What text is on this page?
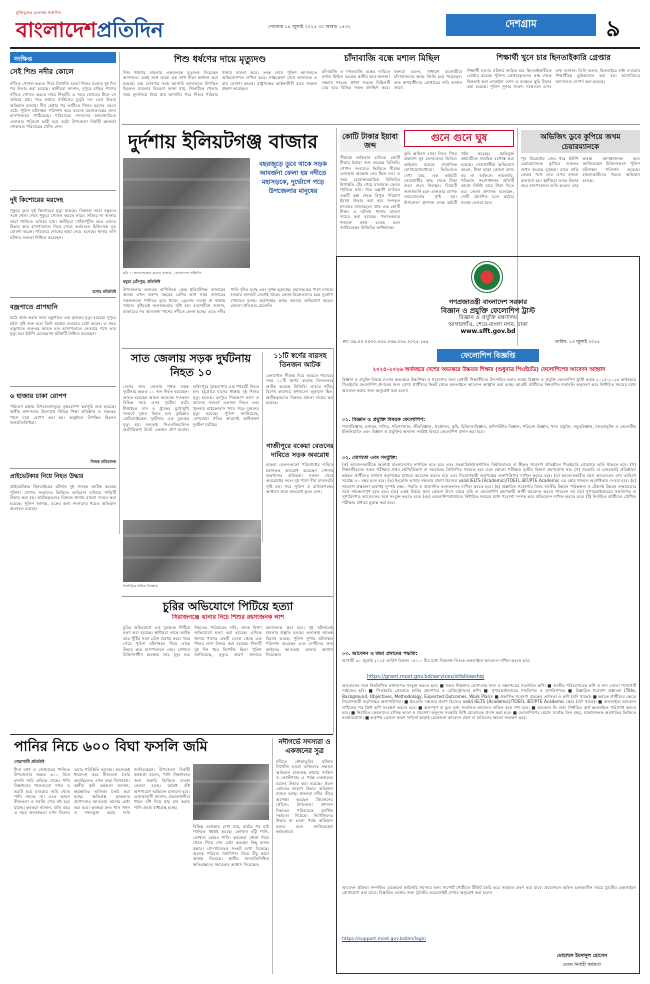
মুক্তিযুদ্ধের চেতনায় প্রকাশিত
বাংলাদেশপ্রতিদিন	সোমবার ১৪ জুলাই ২০২৫ ৩০ আষাঢ় ১৪৩২	দেশগ্রাম	৯
সংক্ষিপ্ত
সেই শিশু নদীর কোলে
নদীতে গোসল করতে গিয়ে নিখোঁজ হওয়া শিশুর মরদেহ দুই দিন পর উদ্ধার করা হয়েছে। স্থানীয়রা জানান, দুপুরে বাড়ির পাশের নদীতে গোসল করতে নামে শিশুটি। এ সময় স্রোতের টানে সে তলিয়ে যায়। পরে ফায়ার সার্ভিসের ডুবুরি দল এসে উদ্ধার অভিযান চালায়। দীর্ঘ চেষ্টার পর ভাটিতে শিশুর মরদেহ ভেসে ওঠে। পুলিশ ঘটনাস্থল পরিদর্শন করে মরদেহ ময়নাতদন্তের জন্য হাসপাতালে পাঠিয়েছে। পরিবারের সদস্যদের আহাজারিতে এলাকার পরিবেশ ভারী হয়ে ওঠে। উপজেলা নির্বাহী কর্মকর্তা শোকাহত পরিবারের খোঁজ নেন।
দুই কিশোরের মরদেহ
পুকুরে ডুবে দুই কিশোরের মৃত্যু হয়েছে। বিকালে তারা বন্ধুদের সঙ্গে খেলা শেষে পুকুরে গোসল করতে নামে। সাঁতার না জানায় তারা পানিতে তলিয়ে যায়। স্থানীয়রা খোঁজাখুঁজি করে তাদের উদ্ধার করে হাসপাতালে নিয়ে গেলে কর্তব্যরত চিকিৎসক মৃত ঘোষণা করেন। পরিবারে শোকের ছায়া নেমে এসেছে। থানার ওসি ঘটনার সত্যতা নিশ্চিত করেছেন।
যশোর প্রতিনিধি
বজ্রপাতে প্রাণহানি
মাঠে কাজ করার সময় বজ্রপাতে এক কৃষকের মৃত্যু হয়েছে। দুপুরে হঠাৎ বৃষ্টি শুরু হলে তিনি আশ্রয় নেওয়ার চেষ্টা করেন। এ সময় বজ্রপাতে গুরুতর আহত হন। হাসপাতালে নেওয়ার পথে তার মৃত্যু হয়। ইউপি চেয়ারম্যান ঘটনাটি নিশ্চিত করেছেন।
৬ হাজার চাকা রোপণ
পরিবেশ রক্ষায় উপজেলাজুড়ে বৃক্ষরোপণ কর্মসূচি শুরু হয়েছে। স্থানীয় প্রশাসনের উদ্যোগে বিভিন্ন শিক্ষা প্রতিষ্ঠান ও সড়কের পাশে চারা রোপণ করা হয়। অনুষ্ঠানে উপস্থিত ছিলেন জনপ্রতিনিধিরা।
নিজস্ব প্রতিবেদক
প্রাইভেটকার নিয়ে নিহত উদ্ধার
প্রাইভেটকার ছিনতাইয়ের ঘটনায় দুই জনকে আটক করেছে পুলিশ। গোপন সংবাদের ভিত্তিতে অভিযান চালিয়ে গাড়িটি উদ্ধার করা হয়। আটককৃতদের বিরুদ্ধে থানায় মামলা দায়ের করা হয়েছে। পুলিশ জানায়, চক্রের অন্য সদস্যদের ধরতে অভিযান অব্যাহত রয়েছে।
শিশু ধর্ষণের দায়ে মৃত্যুদণ্ড
শিশু ধর্ষণের মামলায় একজনকে মৃত্যুদণ্ড দিয়েছেন আদালত। একই সঙ্গে তাকে এক লাখ টাকা অর্থদণ্ড করা হয়েছে। রায় ঘোষণার সময় আসামি আদালতে উপস্থিত ছিলেন। মামলার বিবরণে জানা যায়, শিশুটিকে খেলার সময় ফুসলিয়ে নিয়ে যায় আসামি। পরে শিশুর পরিবার থানায় মামলা করে। তদন্ত শেষে পুলিশ আদালতে অভিযোগপত্র দাখিল করে। সাক্ষ্যগ্রহণ শেষে আদালত এ রায় ঘোষণা করেন। রাষ্ট্রপক্ষের আইনজীবী রায়ে সন্তোষ প্রকাশ করেছেন।
চাঁদাবাজি বন্ধে মশাল মিছিল
চাঁদাবাজি ও দখলবাজি বন্ধের দাবিতে মশাল মিছিল করেছে স্থানীয় ছাত্র-জনতা। সন্ধ্যায় শহরের প্রধান সড়কে মিছিলটি বের হয়ে বিভিন্ন সড়ক প্রদক্ষিণ করে। বক্তারা বলেন, সাধারণ ব্যবসায়ীরা চাঁদাবাজদের কাছে জিম্মি হয়ে পড়েছেন। দ্রুত অপরাধীদের গ্রেপ্তারের দাবি জানান তারা।
শিক্ষার্থী খুনে চার ছিনতাইকারি গ্রেপ্তার
শিক্ষার্থী হত্যার ঘটনায় জড়িত চার ছিনতাইকারীকে গ্রেপ্তার করেছে পুলিশ। গ্রেপ্তারকৃতদের কাছ থেকে ছিনতাই করা মোবাইল ফোন ও ব্যবহৃত ছুরি উদ্ধার করা হয়েছে। পুলিশ সুপার সংবাদ সম্মেলনে এসব তথ্য জানান। তিনি বলেন, ছিনতাইয়ে বাধা দেওয়ায় শিক্ষার্থীকে ছুরিকাঘাত করা হয়। আসামিদের আদালতে সোপর্দ করা হয়েছে।
দুর্দশায় ইলিয়টগঞ্জ বাজার
বছরজুড়ে ডুবে থাকে সড়ক আবর্জনা ফেলা হয় নদীতে মহাসড়কে, দুর্ভোগে পড়ে উপজেলার মানুষের
ছবি ১: জলাবদ্ধতার কবলে বাজার - বাংলাদেশ প্রতিদিন
কচুয়া (চাঁদপুর) প্রতিনিধি
উপজেলার অন্যতম বাণিজ্যিক কেন্দ্র ইলিয়টগঞ্জ বাজারের অবস্থা এখন করুণ। বছরের বেশির ভাগ সময় বাজারের সড়কগুলো পানিতে ডুবে থাকে। ড্রেনেজ ব্যবস্থা না থাকায় সামান্য বৃষ্টিতেই জলাবদ্ধতার সৃষ্টি হয়। ব্যবসায়ীরা জানান, বাজারের সব আবর্জনা পাশের নদীতে ফেলা হচ্ছে। এতে নদীর পানি দূষিত হচ্ছে এবং দুর্গন্ধ ছড়াচ্ছে। মহাসড়কের পাশে বাজার হওয়ায় যানজট লেগেই থাকে। ক্রেতা-বিক্রেতাদের চরম দুর্ভোগ পোহাতে হচ্ছে। কর্তৃপক্ষের কাছে বারবার অভিযোগ করেও কোনো প্রতিকার মেলেনি।
কোটি টাকার ইয়াবা জব্দ
সীমান্তে অভিযান চালিয়ে কোটি টাকার ইয়াবা জব্দ করেছে বিজিবি। গোপন সংবাদের ভিত্তিতে সীমান্ত এলাকায় অবস্থান নেয় টহল দল। এ সময় চোরাকারবারিরা বিজিবির উপস্থিতি টের পেয়ে মালামাল ফেলে পালিয়ে যায়। পরে তল্লাশি চালিয়ে একটি বস্তা থেকে বিপুল পরিমাণ ইয়াবা উদ্ধার করা হয়। জব্দকৃত মাদকের বাজারমূল্য প্রায় এক কোটি টাকা। এ ঘটনায় থানায় মামলা দায়ের করা হয়েছে। পলাতকদের শনাক্তে কাজ চলছে বলে জানিয়েছেন বিজিবির অধিনায়ক।
গুনে গুনে ঘুষ
ভূমি অফিসে সেবা নিতে গিয়ে প্রকাশ্যে ঘুষ লেনদেনের ভিডিও ভাইরাল হয়েছে সামাজিক যোগাযোগমাধ্যমে। ভিডিওতে দেখা যায়, এক কর্মচারী সেবাপ্রার্থীর কাছ থেকে টাকা গুনে গুনে নিচ্ছেন। বিষয়টি জানাজানি হলে এলাকায় ব্যাপক সমালোচনার সৃষ্টি হয়। উপজেলা প্রশাসন তদন্ত কমিটি গঠন করেছে। অভিযুক্ত কর্মচারীকে সাময়িক বরখাস্ত করা হয়েছে। সেবাপ্রার্থীরা অভিযোগ করেন, টাকা ছাড়া কোনো কাজ হয় না অফিসে। নামজারি, খতিয়ান সংশোধনসহ প্রতিটি কাজে নির্দিষ্ট হারে টাকা দিতে হয়। জেলা প্রশাসক বলেছেন, দোষী প্রমাণিত হলে কঠোর ব্যবস্থা নেওয়া হবে।
অভিজিৎ ডুবে কুপিয়ে জখম চেয়ারম্যানকে
পূর্ব বিরোধের জের ধরে ইউপি চেয়ারম্যানকে কুপিয়ে গুরুতর জখম করেছে দুর্বৃত্তরা। রাতে বাড়ি ফেরার পথে তার ওপর হামলা চালানো হয়। স্থানীয়রা তাকে উদ্ধার করে হাসপাতালে ভর্তি করেন। তার অবস্থা আশঙ্কাজনক বলে জানিয়েছেন চিকিৎসকরা। পুলিশ ঘটনাস্থল পরিদর্শন করেছে। হামলাকারীদের ধরতে অভিযান চলছে।
গণপ্রজাতন্ত্রী বাংলাদেশ সরকার
বিজ্ঞান ও প্রযুক্তি ফেলোশিপ ট্রাস্ট
বিজ্ঞান ও প্রযুক্তি মন্ত্রণালয়
আগারগাঁও, শেরে-বাংলা নগর, ঢাকা
www.sfft.gov.bd
নং: ৩৯.০০.০০০০.০০৫.০৩৯.০০৫.২০২৫.২৪৪	তারিখ: ১৩ জুলাই ২০২৫
ফেলোশিপ বিজ্ঞপ্তি
২০২৫-২০২৬ অর্থবছরে দেশের অভ্যন্তরে উচ্চতর শিক্ষার (শুধুমাত্র পিএইচডি) ফেলোশিপের আবেদন আহ্বান
বিজ্ঞান ও প্রযুক্তি বিষয়ে দেশের অভ্যন্তরে উচ্চশিক্ষা ও গবেষণার জন্য মেধাবী শিক্ষার্থীদের উৎসাহিত করার লক্ষ্যে বিজ্ঞান ও প্রযুক্তি ফেলোশিপ ট্রাস্ট কর্তৃক ২০২৫-২০২৬ অর্থবছরে পিএইচডি ফেলোশিপ প্রদানের জন্য যোগ্য প্রার্থীদের নিকট থেকে অনলাইনে আবেদন আহ্বান করা হচ্ছে। আগ্রহী প্রার্থীদের নিম্নবর্ণিত শর্তাবলি অনুসরণ করে নির্ধারিত সময়ের মধ্যে আবেদন করার জন্য অনুরোধ করা হলো।
০১. বিজ্ঞান ও প্রযুক্তি বিষয়ক ফেলোশিপ:
পদার্থবিজ্ঞান, রসায়ন, গণিত, পরিসংখ্যান, জীববিজ্ঞান, প্রকৌশল, কৃষি, চিকিৎসাবিজ্ঞান, কম্পিউটার বিজ্ঞান, পরিবেশ বিজ্ঞান, খাদ্য প্রযুক্তি, সমুদ্রবিজ্ঞান, জৈবপ্রযুক্তি ও জেনেটিক ইঞ্জিনিয়ারিং এবং বিজ্ঞান ও প্রযুক্তির অন্যান্য সংশ্লিষ্ট বিষয়ে ফেলোশিপ প্রদান করা হবে।
০২. যোগ্যতা এবং সংযুক্তি:
(ক) আবেদনকারীকে অবশ্যই বাংলাদেশের নাগরিক হতে হবে এবং সরকারি/স্বায়ত্তশাসিত বিশ্ববিদ্যালয় বা স্বীকৃত গবেষণা প্রতিষ্ঠানে পিএইচডি প্রোগ্রামে ভর্তি থাকতে হবে। (খ) শিক্ষাজীবনের সকল পরীক্ষায় প্রথম শ্রেণি/বিভাগ বা সমমানের সিজিপিএ থাকতে হবে এবং কোনো পরীক্ষায় তৃতীয় বিভাগ গ্রহণযোগ্য নয়। (গ) সরকারি বা বেসরকারি প্রতিষ্ঠানে কর্মরত প্রার্থীদের যথাযথ কর্তৃপক্ষের মাধ্যমে আবেদন করতে হবে এবং নিয়োগকারী কর্তৃপক্ষের অনাপত্তিপত্র দাখিল করতে হবে। (ঘ) আবেদনকারীর বয়স আবেদনের শেষ তারিখে সর্বোচ্চ ৪০ বছর হতে হবে। (ঙ) ইংরেজি ভাষায় দক্ষতার প্রমাণ হিসেবে valid IELTS (Academic)/TOEFL iBT/PTE Academic এর স্কোর থাকলে অগ্রাধিকার দেওয়া হবে। (চ) গবেষণা প্রস্তাবনা অবশ্যই সুস্পষ্ট লক্ষ্য, পদ্ধতি ও প্রত্যাশিত ফলাফলসহ দাখিল করতে হবে। (ছ) প্রস্তাবিত গবেষণার বিষয় জাতীয় উন্নয়ন পরিকল্পনা ও টেকসই উন্নয়ন লক্ষ্যমাত্রার সঙ্গে সামঞ্জস্যপূর্ণ হতে হবে। (জ) একই বিষয়ে অন্য কোনো উৎস থেকে বৃত্তি বা ফেলোশিপ গ্রহণকারী প্রার্থী আবেদন করতে পারবেন না। (ঝ) সুপারভাইজারের সম্মতিপত্র ও সুপারিশপত্র আবেদনের সঙ্গে সংযুক্ত করতে হবে। (ঞ) ফেলোশিপপ্রাপ্তদের নির্ধারিত সময়ের মধ্যে গবেষণা সম্পন্ন করে প্রতিবেদন দাখিল করতে হবে। (ট) নির্বাচিত প্রার্থীদের মৌখিক পরীক্ষার মাধ্যমে চূড়ান্ত করা হবে।
০৩. আবেদন ও জমা প্রদানের পদ্ধতি:
আগামী ৩১ জুলাই ২০২৫ তারিখ বিকাল ০৫:০০ টার মধ্যে নিম্নোক্ত লিংকে অনলাইনে আবেদন দাখিল করতে হবে:
https://grant.most.gov.bd/services/stfellowship
আবেদনের সঙ্গে নিম্নলিখিত কাগজপত্র সংযুক্ত করতে হবে: ■ সকল শিক্ষাগত যোগ্যতার সনদ ও নম্বরপত্রের সত্যায়িত কপি। ■ জাতীয় পরিচয়পত্রের কপি ও সদ্য তোলা পাসপোর্ট সাইজের ছবি। ■ পিএইচডি প্রোগ্রামে ভর্তির প্রমাণপত্র ও রেজিস্ট্রেশনের কপি। ■ সুপারভাইজারের সম্মতিপত্র ও সুপারিশপত্র। ■ বিস্তারিত গবেষণা প্রস্তাবনা (Title, Background, Objectives, Methodology, Expected Outcomes, Work Plan)। ■ প্রকাশিত গবেষণা প্রবন্ধের তালিকা ও কপি (যদি থাকে)। ■ কর্মরত প্রার্থীদের ক্ষেত্রে নিয়োগকারী কর্তৃপক্ষের অনাপত্তিপত্র। ■ ইংরেজি দক্ষতার প্রমাণ হিসেবে valid IELTS (Academic)/TOEFL iBT/PTE Academic স্কোর (যদি থাকে)। ■ অনলাইনে আবেদন দাখিলের পর প্রিন্ট কপি সংরক্ষণ করতে হবে। ■ অসম্পূর্ণ বা ভুল তথ্য সংবলিত আবেদন বাতিল বলে গণ্য হবে। ■ আবেদন ফি বাবদ নির্ধারিত অর্থ অনলাইনে পরিশোধ করতে হবে। ■ নির্বাচিত ফেলোদের মাসিক ভাতা ও গবেষণা অনুদান সরকারি বিধি মোতাবেক প্রদান করা হবে। ■ ফেলোশিপের মেয়াদ সর্বোচ্চ তিন বছর, সন্তোষজনক অগ্রগতির ভিত্তিতে নবায়নযোগ্য। ■ কর্তৃপক্ষ কোনো কারণ দর্শানো ছাড়াই যেকোনো আবেদন গ্রহণ বা বাতিলের ক্ষমতা সংরক্ষণ করে।
আবেদন প্রক্রিয়া সম্পর্কিত যেকোনো কারিগরি সমস্যার জন্য সাপোর্ট পোর্টালে টিকিট তৈরি করে সহায়তা গ্রহণ করা যাবে। প্রয়োজনে অফিস চলাকালীন সময়ে ট্রাস্টের হেল্পলাইনে যোগাযোগ করা যাবে। বিস্তারিত তথ্যের জন্য ট্রাস্টের ওয়েবসাইট দেখার অনুরোধ করা হলো।
https://support.most.gov.bd/en/login
মোহাম্মদ ইমদাদুল হোসেন
প্রধান নির্বাহী কর্মকর্তা
সাত জেলায় সড়ক দুর্ঘটনায় নিহত ১০
দেশের সাত জেলায় পৃথক সড়ক দুর্ঘটনায় অন্তত ১০ জন নিহত হয়েছেন। আহত হয়েছেন আরও অনেকে। গতকাল বিভিন্ন সময় এসব দুর্ঘটনা ঘটে। টাঙ্গাইলে বাস ও ট্রাকের মুখোমুখি সংঘর্ষে দুজন নিহত হন। কুমিল্লায় মোটরসাইকেল দুর্ঘটনায় এক যুবকের মৃত্যু হয়। বগুড়ায় সিএনজিচালিত অটোরিকশা উল্টে একজন প্রাণ হারান। ফরিদপুরে ট্রাকচাপায় এক পথচারী নিহত হন। চট্টগ্রামে বাসের ধাক্কায় দুই শিশুর মৃত্যু হয়েছে। রংপুরে পিকআপ ভ্যান ও ভ্যানের সংঘর্ষে একজন নিহত এবং খুলনায় মাইক্রোবাস খাদে পড়ে দুজনের মৃত্যু হয়েছে। পুলিশ জানিয়েছে, বেপরোয়া গতির কারণেই অধিকাংশ দুর্ঘটনা ঘটেছে।
১১টি স্বর্ণের বারসহ তিনজন আটক
বেনাপোল সীমান্ত দিয়ে ভারতে পাচারের সময় ১১টি স্বর্ণের বারসহ তিনজনকে আটক করেছে বিজিবি। তাদের শরীরে বিশেষ কায়দায় স্বর্ণগুলো লুকানো ছিল। আটককৃতদের বিরুদ্ধে মামলা দায়ের করা হয়েছে।
গাজীপুরে বকেয়া বেতনের দাবিতে সড়ক অবরোধ
বকেয়া বেতন-ভাতা পরিশোধের দাবিতে মহাসড়ক অবরোধ করেছেন পোশাক কারখানার শ্রমিকরা। সকাল থেকে অবরোধের ফলে দুই পাশে দীর্ঘ যানজটের সৃষ্টি হয়। পরে পুলিশ ও মালিকপক্ষের আশ্বাসে তারা অবরোধ তুলে নেন।
গাজীপুরে শ্রমিক বিক্ষোভ
চুরির অভিযোগে পিটিয়ে হত্যা
সিরাজগঞ্জে থানার নিচে শিশুর রহস্যজনক লাশ
চুরির অভিযোগে এক যুবককে পিটিয়ে হত্যা করা হয়েছে। স্থানীয়রা তাকে আটক করে খুঁটির সঙ্গে বেঁধে মারধর করে। খবর পেয়ে পুলিশ ঘটনাস্থলে গিয়ে তাকে উদ্ধার করে হাসপাতালে নেয়। সেখানে চিকিৎসাধীন অবস্থায় তার মৃত্যু হয়। নিহতের পরিবারের দাবি, তাকে মিথ্যা অভিযোগে হত্যা করা হয়েছে। এদিকে থানার পাশের একটি ডোবা থেকে এক শিশুর লাশ উদ্ধার করা হয়েছে। শিশুটি দুই দিন ধরে নিখোঁজ ছিল। পুলিশ জানিয়েছে, মৃত্যুর কারণ জানতে ময়নাতদন্ত করা হবে। দুই ঘটনাতেই মামলার প্রস্তুতি চলছে। এলাকায় আতঙ্ক বিরাজ করছে। পুলিশ সুপার ঘটনাস্থল পরিদর্শন করেছেন এবং দোষীদের দ্রুত আইনের আওতায় আনার আশ্বাস দিয়েছেন।
পানির নিচে ৬০০ বিঘা ফসলি জমি
নোয়াখালী প্রতিনিধি
টানা বর্ষণ ও জোয়ারের পানিতে উপজেলার অন্তত ৬০০ বিঘা ফসলি জমি তলিয়ে গেছে। পানি নিষ্কাশনের খালগুলো দখল ও ভরাট হয়ে যাওয়ায় জমি থেকে পানি নামছে না। এতে আমন বীজতলা ও সবজি খেত নষ্ট হয়ে যাচ্ছে। কৃষকরা জানান, প্রতি বছর এ সময় জলাবদ্ধতা দেখা দিলেও এবার পরিস্থিতি ভয়াবহ। অনেকেই ধারদেনা করে বীজতলা তৈরি করেছিলেন। এখন তারা দিশেহারা। স্থানীয় কৃষি কর্মকর্তা জানান, ক্ষয়ক্ষতির তালিকা তৈরি করা হচ্ছে। ক্ষতিগ্রস্ত কৃষকদের প্রণোদনার আওতায় আনার চেষ্টা করা হবে। কৃষকরা দ্রুত খাল খনন ও দখলমুক্ত করার দাবি জানিয়েছেন। উপজেলা নির্বাহী কর্মকর্তা বলেন, পানি নিষ্কাশনের জন্য জরুরি ভিত্তিতে ব্যবস্থা নেওয়া হচ্ছে। অবৈধ বাঁধ অপসারণে অভিযান চালানো হবে। এলাকাবাসী জানান, প্রভাবশালীরা খালে বাঁধ দিয়ে মাছ চাষ করায় পানি প্রবাহ বাধাগ্রস্ত হচ্ছে।
বিভিন্ন এলাকায় দেখা যায়, মাঠের পর মাঠ পানিতে থইথই করছে। কোথাও হাঁটু পানি, কোথাও কোমর পানি। কৃষকেরা নৌকা নিয়ে খেতে গিয়ে শেষ চেষ্টা করছেন কিছু ফসল রক্ষার। গো-খাদ্যেরও সংকট দেখা দিয়েছে। অনেক পরিবার গবাদিপশু নিয়ে উঁচু স্থানে আশ্রয় নিয়েছে। স্থানীয় জনপ্রতিনিধিরা ক্ষতিগ্রস্তদের সহায়তার আশ্বাস দিয়েছেন।
নদীগর্ভে সদস্যরা ও একজনের সুত্র
নদীতে নৌকাডুবির ঘটনায় নিখোঁজ হওয়া ব্যক্তিদের সন্ধানে অভিযান চালাচ্ছে ফায়ার সার্ভিস ও কোস্টগার্ড। এ পর্যন্ত একজনের মরদেহ উদ্ধার করা হয়েছে। প্রবল স্রোতের কারণে উদ্ধার অভিযান ব্যাহত হচ্ছে। স্বজনরা নদীর তীরে অপেক্ষা করছেন প্রিয়জনের খোঁজে। উপজেলা প্রশাসন নিহতের পরিবারকে আর্থিক সহায়তা দিয়েছে। নিখোঁজদের উদ্ধার না হওয়া পর্যন্ত অভিযান চলবে বলে জানিয়েছেন কর্মকর্তারা।
